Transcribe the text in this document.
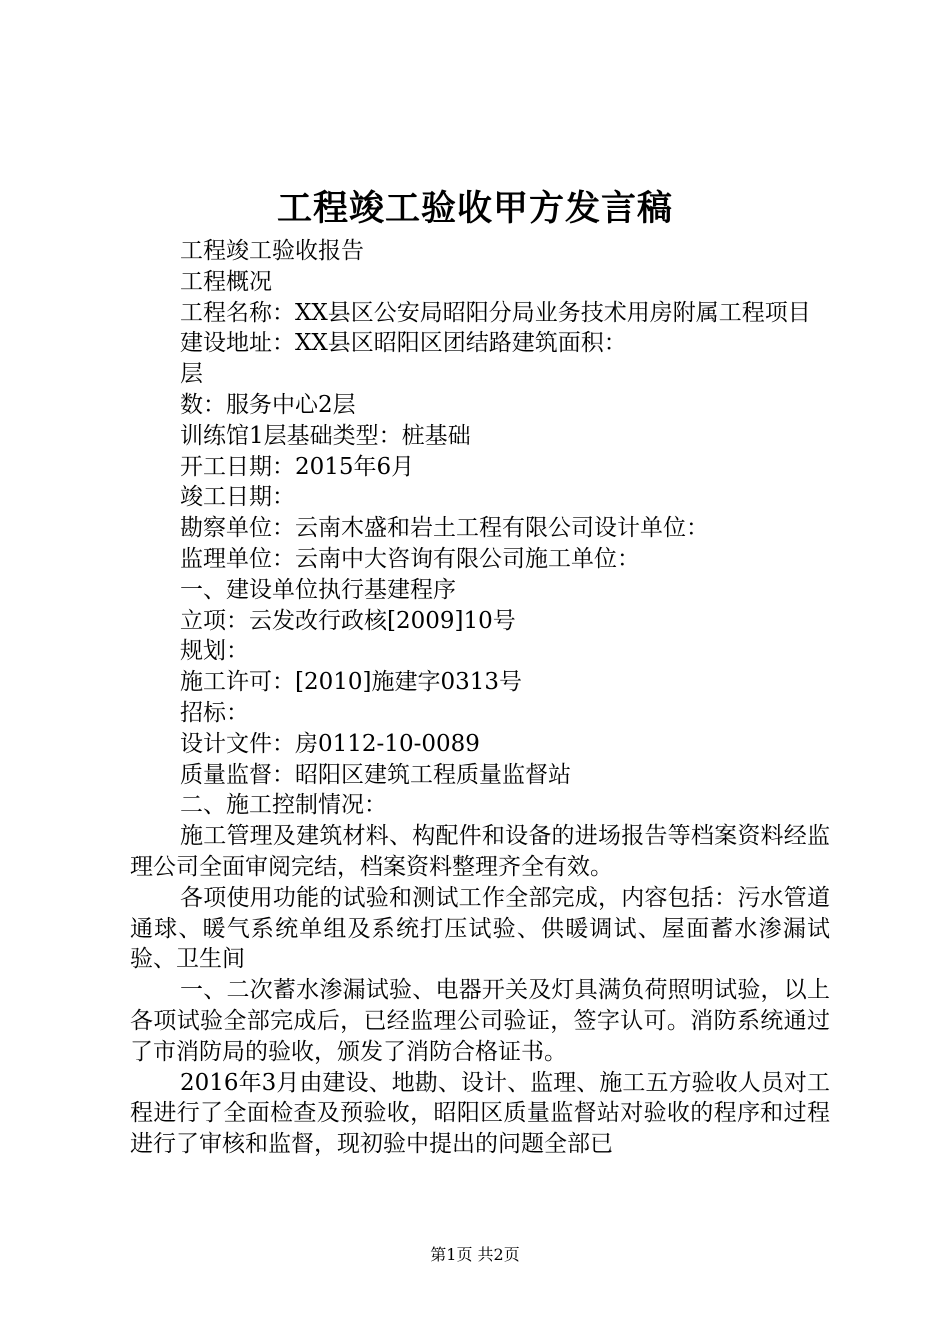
工程竣工验收甲方发言稿

工程竣工验收报告

工程概况

工程名称：XX县区公安局昭阳分局业务技术用房附属工程项目

建设地址：XX县区昭阳区团结路建筑面积：

层

数：服务中心2层

训练馆1层基础类型：桩基础

开工日期：2015年6月

竣工日期：

勘察单位：云南木盛和岩土工程有限公司设计单位：

监理单位：云南中大咨询有限公司施工单位：

一、建设单位执行基建程序

立项：云发改行政核[2009]10号

规划：

施工许可：[2010]施建字0313号

招标：

设计文件：房0112-10-0089

质量监督：昭阳区建筑工程质量监督站

二、施工控制情况：

施工管理及建筑材料、构配件和设备的进场报告等档案资料经监理公司全面审阅完结，档案资料整理齐全有效。

各项使用功能的试验和测试工作全部完成，内容包括：污水管道通球、暖气系统单组及系统打压试验、供暖调试、屋面蓄水渗漏试验、卫生间

一、二次蓄水渗漏试验、电器开关及灯具满负荷照明试验，以上各项试验全部完成后，已经监理公司验证，签字认可。消防系统通过了市消防局的验收，颁发了消防合格证书。

2016年3月由建设、地勘、设计、监理、施工五方验收人员对工程进行了全面检查及预验收，昭阳区质量监督站对验收的程序和过程进行了审核和监督，现初验中提出的问题全部已

第1页 共2页
